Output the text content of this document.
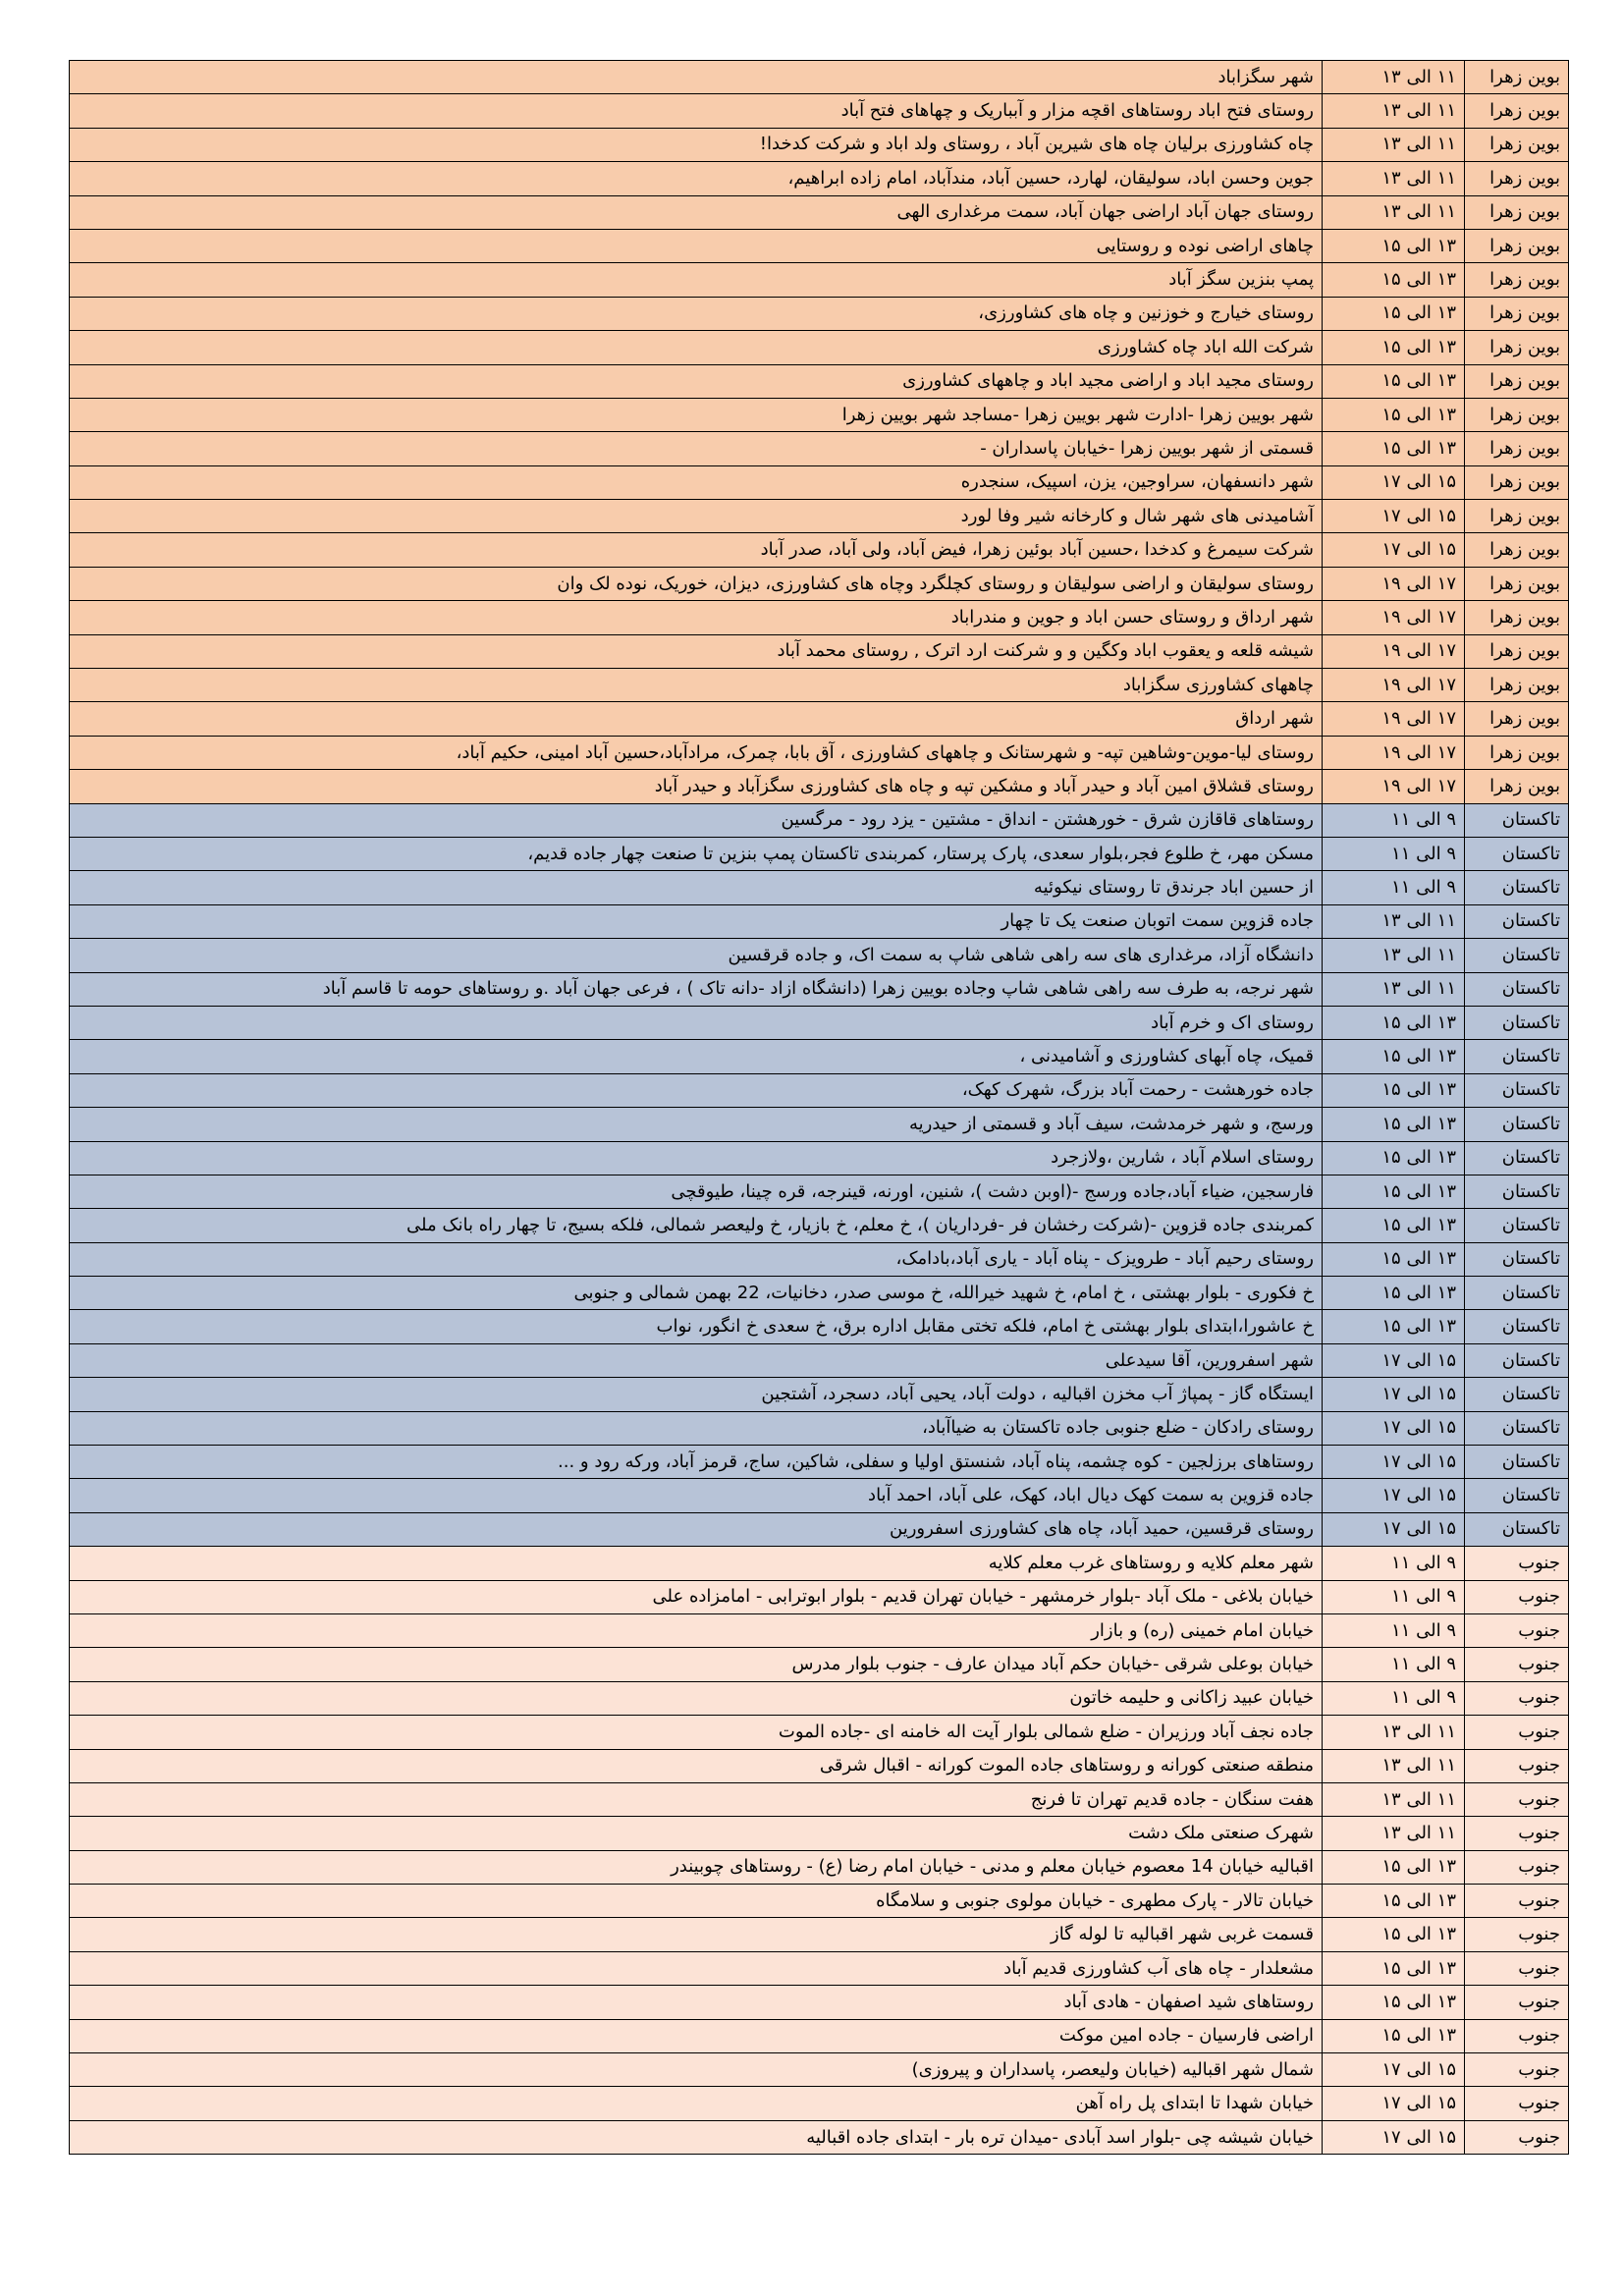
بوین زهرا	۱۱ الی ۱۳	شهر سگزاباد
بوین زهرا	۱۱ الی ۱۳	روستای فتح اباد روستاهای اقچه مزار و آبباریک و چهاهای فتح آباد
بوین زهرا	۱۱ الی ۱۳	چاه کشاورزی برلیان چاه های شیرین آباد ، روستای ولد اباد و شرکت کدخدا!
بوین زهرا	۱۱ الی ۱۳	جوین وحسن اباد، سولیقان، لهارد، حسین آباد، مندآباد، امام زاده ابراهیم،
بوین زهرا	۱۱ الی ۱۳	روستای جهان آباد اراضی جهان آباد، سمت مرغداری الهی
بوین زهرا	۱۳ الی ۱۵	چاهای اراضی نوده و روستایی
بوین زهرا	۱۳ الی ۱۵	پمپ بنزین سگز آباد
بوین زهرا	۱۳ الی ۱۵	روستای خیارج و خوزنین و چاه های کشاورزی،
بوین زهرا	۱۳ الی ۱۵	شرکت الله اباد چاه کشاورزی
بوین زهرا	۱۳ الی ۱۵	روستای مجید اباد و اراضی مجید اباد و چاههای کشاورزی
بوین زهرا	۱۳ الی ۱۵	شهر بویین زهرا -ادارت شهر بویین زهرا -مساجد شهر بویین زهرا
بوین زهرا	۱۳ الی ۱۵	قسمتی از شهر بویین زهرا -خیابان پاسداران -
بوین زهرا	۱۵ الی ۱۷	شهر دانسفهان، سراوجین، یزن، اسپیک، سنجدره
بوین زهرا	۱۵ الی ۱۷	آشامیدنی های شهر شال و کارخانه شیر وفا لورد
بوین زهرا	۱۵ الی ۱۷	شرکت سیمرغ و کدخدا ،حسین آباد بوئین زهرا، فیض آباد، ولی آباد، صدر آباد
بوین زهرا	۱۷ الی ۱۹	روستای سولیقان و اراضی سولیقان و روستای کچلگرد وچاه های کشاورزی، دیزان، خوریک، نوده لک وان
بوین زهرا	۱۷ الی ۱۹	شهر ارداق و روستای حسن اباد و جوین و مندراباد
بوین زهرا	۱۷ الی ۱۹	شیشه قلعه و یعقوب اباد وکگین و و شرکنت ارد اترک , روستای محمد آباد
بوین زهرا	۱۷ الی ۱۹	چاههای کشاورزی سگزاباد
بوین زهرا	۱۷ الی ۱۹	شهر ارداق
بوین زهرا	۱۷ الی ۱۹	روستای لیا-موین-وشاهین تپه- و شهرستانک و چاههای کشاورزی ، آق بابا، چمرک، مرادآباد،حسین آباد امینی، حکیم آباد،
بوین زهرا	۱۷ الی ۱۹	روستای قشلاق امین آباد و حیدر آباد و مشکین تپه و چاه های کشاورزی سگزآباد و حیدر آباد
تاکستان	۹ الی ۱۱	روستاهای قاقازن شرق - خورهشتن - انداق - مشتین - یزد رود - مرگسین
تاکستان	۹ الی ۱۱	مسکن مهر، خ طلوع فجر،بلوار سعدی، پارک پرستار، کمربندی تاکستان پمپ بنزین تا صنعت چهار جاده قدیم،
تاکستان	۹ الی ۱۱	از حسین اباد جرندق تا روستای نیکوئیه
تاکستان	۱۱ الی ۱۳	جاده قزوین سمت اتوبان صنعت یک تا چهار
تاکستان	۱۱ الی ۱۳	دانشگاه آزاد، مرغداری های سه راهی شاهی شاپ به سمت اک، و جاده قرقسین
تاکستان	۱۱ الی ۱۳	شهر نرجه، به طرف سه راهی شاهی شاپ وجاده بویین زهرا (دانشگاه ازاد -دانه تاک ) ، فرعی جهان آباد .و روستاهای حومه تا قاسم آباد
تاکستان	۱۳ الی ۱۵	روستای اک و خرم آباد
تاکستان	۱۳ الی ۱۵	قمیک، چاه آبهای کشاورزی و آشامیدنی ،
تاکستان	۱۳ الی ۱۵	جاده خورهشت - رحمت آباد بزرگ، شهرک کهک،
تاکستان	۱۳ الی ۱۵	ورسج، و شهر خرمدشت، سیف آباد و قسمتی از حیدریه
تاکستان	۱۳ الی ۱۵	روستای اسلام آباد ، شارین ،ولازجرد
تاکستان	۱۳ الی ۱۵	فارسجین، ضیاء آباد،جاده ورسج -(اوبن دشت )، شنین، اورنه، قینرجه، قره چینا، طیوقچی
تاکستان	۱۳ الی ۱۵	کمربندی جاده قزوین -(شرکت رخشان فر -فرداریان )، خ معلم، خ بازیار، خ ولیعصر شمالی، فلکه بسیج، تا چهار راه بانک ملی
تاکستان	۱۳ الی ۱۵	روستای رحیم آباد - طرویزک - پناه آباد - یاری آباد،بادامک،
تاکستان	۱۳ الی ۱۵	خ فکوری - بلوار بهشتی ، خ امام، خ شهید خیرالله، خ موسی صدر، دخانیات، 22 بهمن شمالی و جنوبی
تاکستان	۱۳ الی ۱۵	خ عاشورا،ابتدای بلوار بهشتی خ امام، فلکه تختی مقابل اداره برق، خ سعدی خ انگور، نواب
تاکستان	۱۵ الی ۱۷	شهر اسفرورین، آقا سیدعلی
تاکستان	۱۵ الی ۱۷	ایستگاه گاز - پمپاژ آب مخزن اقبالیه ، دولت آباد، یحیی آباد، دسجرد، آشتجین
تاکستان	۱۵ الی ۱۷	روستای رادکان - ضلع جنوبی جاده تاکستان به ضیاآباد،
تاکستان	۱۵ الی ۱۷	روستاهای برزلجین - کوه چشمه، پناه آباد، شنستق اولیا و سفلی، شاکین، ساج، قرمز آباد، ورکه رود و ...
تاکستان	۱۵ الی ۱۷	جاده قزوین به سمت کهک دیال اباد، کهک، علی آباد، احمد آباد
تاکستان	۱۵ الی ۱۷	روستای قرقسین، حمید آباد، چاه های کشاورزی اسفرورین
جنوب	۹ الی ۱۱	شهر معلم کلایه و روستاهای غرب معلم کلایه
جنوب	۹ الی ۱۱	خیابان بلاغی - ملک آباد -بلوار خرمشهر - خیابان تهران قدیم - بلوار ابوترابی - امامزاده علی
جنوب	۹ الی ۱۱	خیابان امام خمینی (ره) و بازار
جنوب	۹ الی ۱۱	خیابان بوعلی شرقی -خیابان حکم آباد میدان عارف - جنوب بلوار مدرس
جنوب	۹ الی ۱۱	خیابان عبید زاکانی و حلیمه خاتون
جنوب	۱۱ الی ۱۳	جاده نجف آباد ورزیران - ضلع شمالی بلوار آیت اله خامنه ای -جاده الموت
جنوب	۱۱ الی ۱۳	منطقه صنعتی کورانه و روستاهای جاده الموت کورانه - اقبال شرقی
جنوب	۱۱ الی ۱۳	هفت سنگان - جاده قدیم تهران تا فرنج
جنوب	۱۱ الی ۱۳	شهرک صنعتی ملک دشت
جنوب	۱۳ الی ۱۵	اقبالیه خیابان 14 معصوم خیابان معلم و مدنی - خیابان امام رضا (ع) - روستاهای چوبیندر
جنوب	۱۳ الی ۱۵	خیابان تالار - پارک مطهری - خیابان مولوی جنوبی و سلامگاه
جنوب	۱۳ الی ۱۵	قسمت غربی شهر اقبالیه تا لوله گاز
جنوب	۱۳ الی ۱۵	مشعلدار - چاه های آب کشاورزی قدیم آباد
جنوب	۱۳ الی ۱۵	روستاهای شید اصفهان - هادی آباد
جنوب	۱۳ الی ۱۵	اراضی فارسیان - جاده امین موکت
جنوب	۱۵ الی ۱۷	شمال شهر اقبالیه (خیابان ولیعصر، پاسداران و پیروزی)
جنوب	۱۵ الی ۱۷	خیابان شهدا تا ابتدای پل راه آهن
جنوب	۱۵ الی ۱۷	خیابان شیشه چی -بلوار اسد آبادی -میدان تره بار - ابتدای جاده اقبالیه
